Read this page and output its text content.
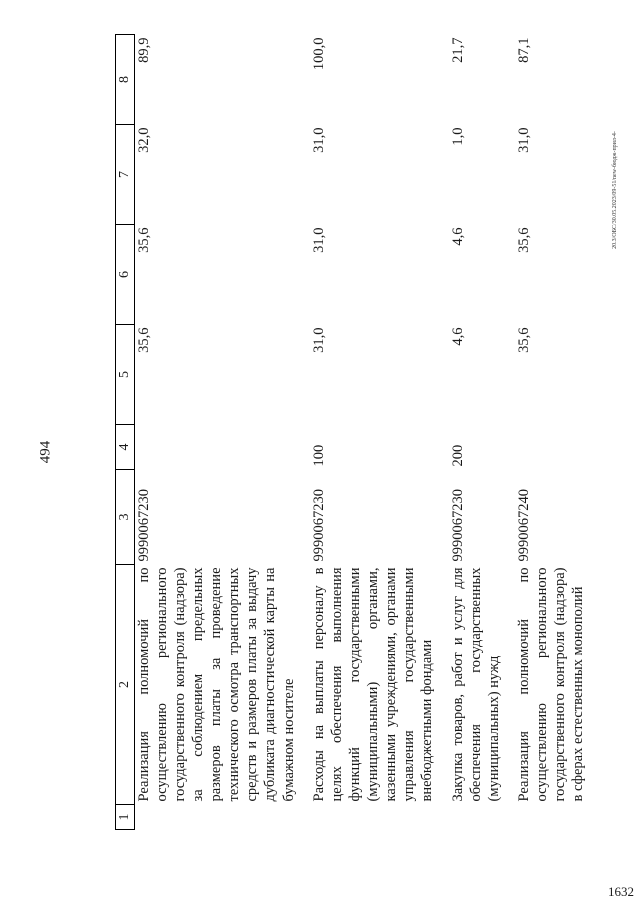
494
1632
20.3/ОБС/30.05.2023/09-51/new-бюдж-прил-4-
1	2	3	4	5	6	7	8
	Реализация полномочий по осуществлению регионального государственного контроля (надзора) за соблюдением предельных размеров платы за проведение технического осмотра транспортных средств и размеров платы за выдачу дубликата диагностической карты на бумажном носителе	9990067230		35,6	35,6	32,0	89,9

	Расходы на выплаты персоналу в целях обеспечения выполнения функций государственными (муниципальными) органами, казенными учреждениями, органами управления государственными внебюджетными фондами	9990067230	100	31,0	31,0	31,0	100,0

	Закупка товаров, работ и услуг для обеспечения государственных (муниципальных) нужд	9990067230	200	4,6	4,6	1,0	21,7

	Реализация полномочий по осуществлению регионального государственного контроля (надзора) в сферах естественных монополий	9990067240		35,6	35,6	31,0	87,1
